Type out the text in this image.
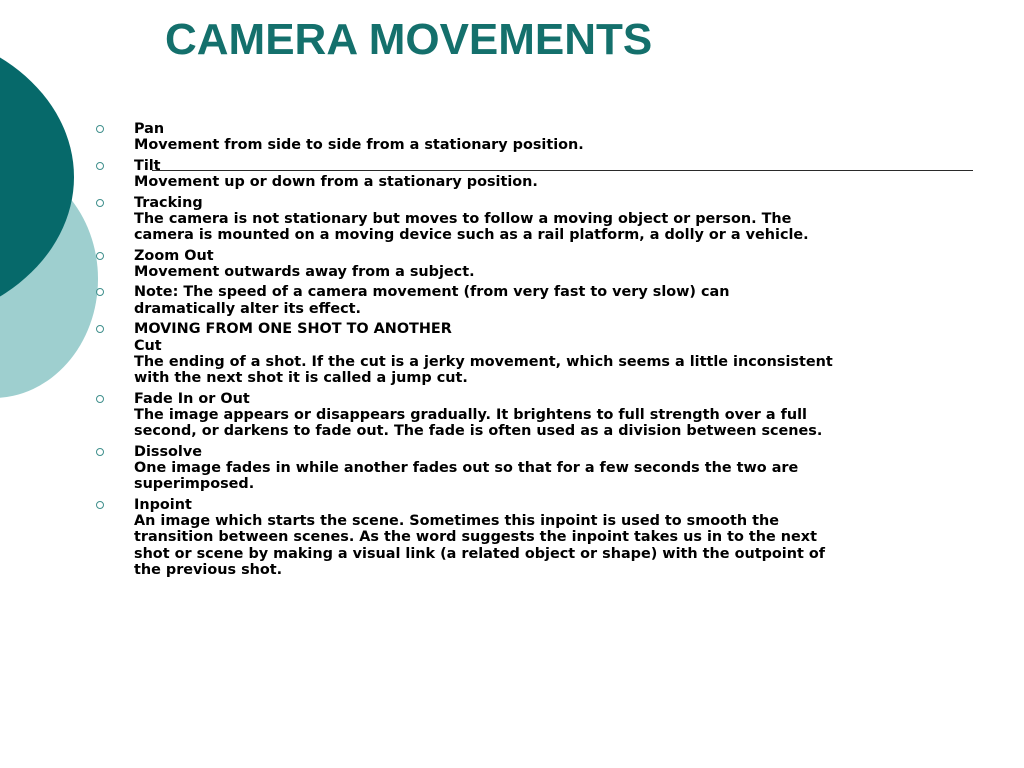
CAMERA MOVEMENTS
Pan
Movement from side to side from a stationary position.
Tilt
Movement up or down from a stationary position.
Tracking
The camera is not stationary but moves to follow a moving object or person. The
camera is mounted on a moving device such as a rail platform, a dolly or a vehicle.
Zoom Out
Movement outwards away from a subject.
Note: The speed of a camera movement (from very fast to very slow) can
dramatically alter its effect.
MOVING FROM ONE SHOT TO ANOTHER
Cut
The ending of a shot. If the cut is a jerky movement, which seems a little inconsistent
with the next shot it is called a jump cut.
Fade In or Out
The image appears or disappears gradually. It brightens to full strength over a full
second, or darkens to fade out. The fade is often used as a division between scenes.
Dissolve
One image fades in while another fades out so that for a few seconds the two are
superimposed.
Inpoint
An image which starts the scene. Sometimes this inpoint is used to smooth the
transition between scenes. As the word suggests the inpoint takes us in to the next
shot or scene by making a visual link (a related object or shape) with the outpoint of
the previous shot.
